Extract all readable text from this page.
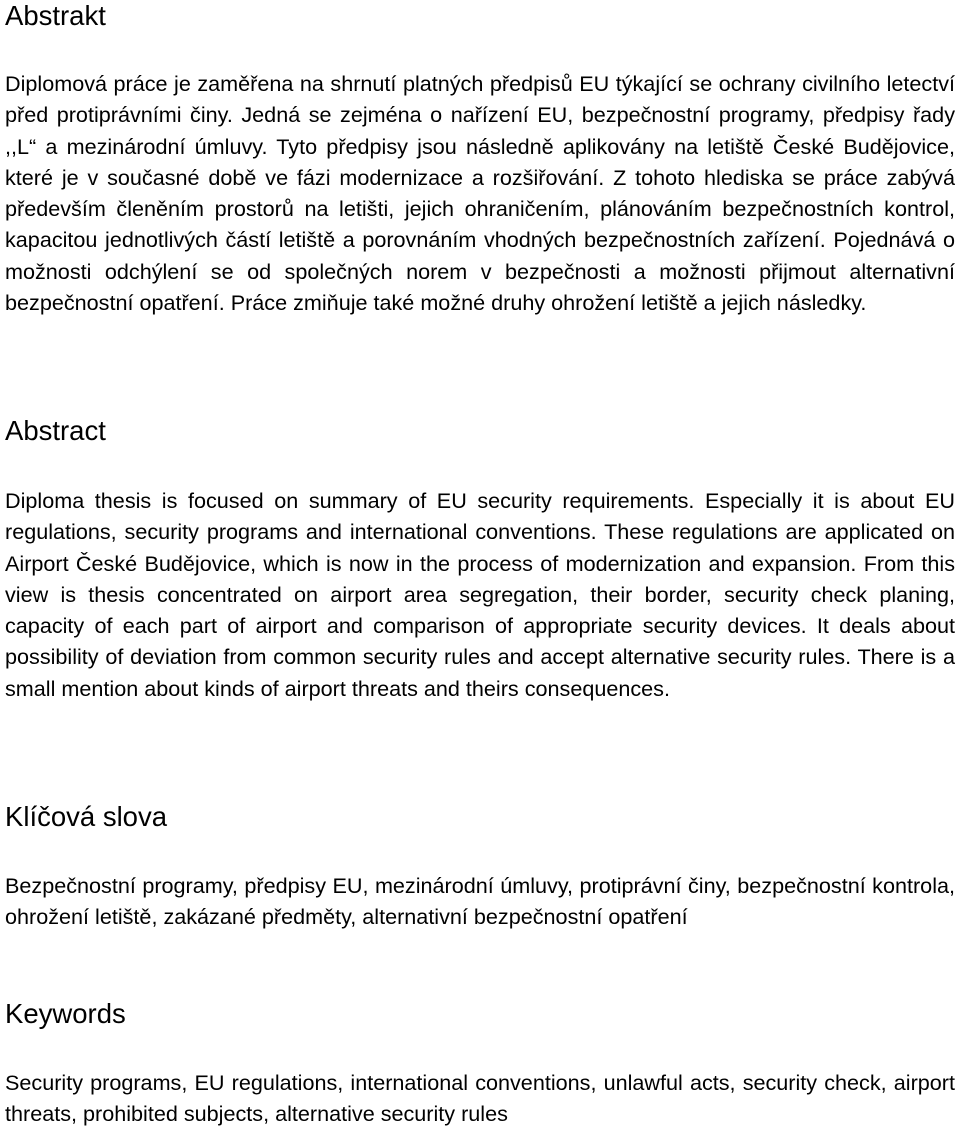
Abstrakt

Diplomová práce je zaměřena na shrnutí platných předpisů EU týkající se ochrany civilního letectví před protiprávními činy. Jedná se zejména o nařízení EU, bezpečnostní programy, předpisy řady ,,L“ a mezinárodní úmluvy. Tyto předpisy jsou následně aplikovány na letiště České Budějovice, které je v současné době ve fázi modernizace a rozšiřování. Z tohoto hlediska se práce zabývá především členěním prostorů na letišti, jejich ohraničením, plánováním bezpečnostních kontrol, kapacitou jednotlivých částí letiště a porovnáním vhodných bezpečnostních zařízení. Pojednává o možnosti odchýlení se od společných norem v bezpečnosti a možnosti přijmout alternativní bezpečnostní opatření. Práce zmiňuje také možné druhy ohrožení letiště a jejich následky.

Abstract

Diploma thesis is focused on summary of EU security requirements. Especially it is about EU regulations, security programs and international conventions. These regulations are applicated on Airport České Budějovice, which is now in the process of modernization and expansion. From this view is thesis concentrated on airport area segregation, their border, security check planing, capacity of each part of airport and comparison of appropriate security devices. It deals about possibility of deviation from common security rules and accept alternative security rules. There is a small mention about kinds of airport threats and theirs consequences.

Klíčová slova

Bezpečnostní programy, předpisy EU, mezinárodní úmluvy, protiprávní činy, bezpečnostní kontrola, ohrožení letiště, zakázané předměty, alternativní bezpečnostní opatření

Keywords

Security programs, EU regulations, international conventions, unlawful acts, security check, airport threats, prohibited subjects, alternative security rules
